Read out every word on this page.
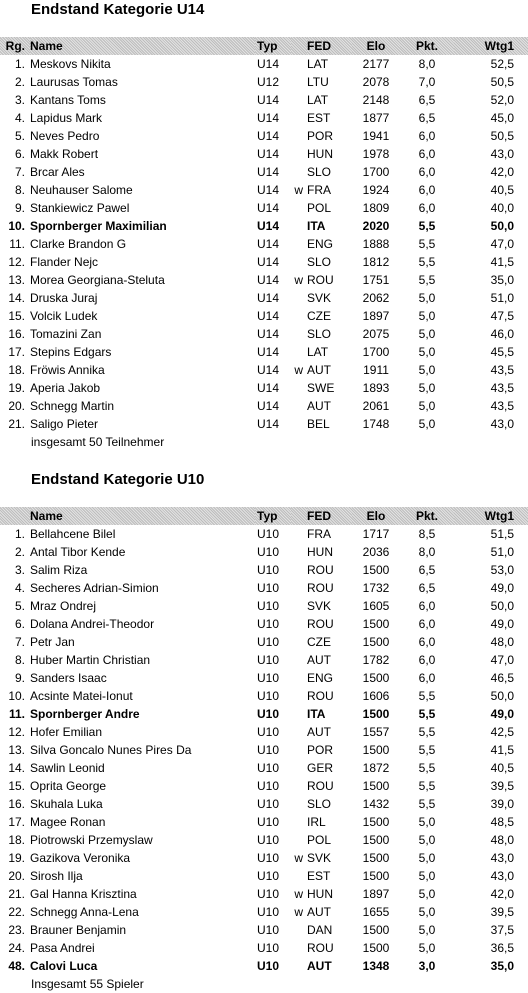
Endstand Kategorie U14
Rg.	Name	Typ		FED	Elo	Pkt.	Wtg1
1.	Meskovs Nikita	U14		LAT	2177	8,0	52,5
2.	Laurusas Tomas	U12		LTU	2078	7,0	50,5
3.	Kantans Toms	U14		LAT	2148	6,5	52,0
4.	Lapidus Mark	U14		EST	1877	6,5	45,0
5.	Neves Pedro	U14		POR	1941	6,0	50,5
6.	Makk Robert	U14		HUN	1978	6,0	43,0
7.	Brcar Ales	U14		SLO	1700	6,0	42,0
8.	Neuhauser Salome	U14	w	FRA	1924	6,0	40,5
9.	Stankiewicz Pawel	U14		POL	1809	6,0	40,0
10.	Spornberger Maximilian	U14		ITA	2020	5,5	50,0
11.	Clarke Brandon G	U14		ENG	1888	5,5	47,0
12.	Flander Nejc	U14		SLO	1812	5,5	41,5
13.	Morea Georgiana-Steluta	U14	w	ROU	1751	5,5	35,0
14.	Druska Juraj	U14		SVK	2062	5,0	51,0
15.	Volcik Ludek	U14		CZE	1897	5,0	47,5
16.	Tomazini Zan	U14		SLO	2075	5,0	46,0
17.	Stepins Edgars	U14		LAT	1700	5,0	45,5
18.	Fröwis Annika	U14	w	AUT	1911	5,0	43,5
19.	Aperia Jakob	U14		SWE	1893	5,0	43,5
20.	Schnegg Martin	U14		AUT	2061	5,0	43,5
21.	Saligo Pieter	U14		BEL	1748	5,0	43,0
insgesamt 50 Teilnehmer
Endstand Kategorie U10
	Name	Typ		FED	Elo	Pkt.	Wtg1
1.	Bellahcene Bilel	U10		FRA	1717	8,5	51,5
2.	Antal Tibor Kende	U10		HUN	2036	8,0	51,0
3.	Salim Riza	U10		ROU	1500	6,5	53,0
4.	Secheres Adrian-Simion	U10		ROU	1732	6,5	49,0
5.	Mraz Ondrej	U10		SVK	1605	6,0	50,0
6.	Dolana Andrei-Theodor	U10		ROU	1500	6,0	49,0
7.	Petr Jan	U10		CZE	1500	6,0	48,0
8.	Huber Martin Christian	U10		AUT	1782	6,0	47,0
9.	Sanders Isaac	U10		ENG	1500	6,0	46,5
10.	Acsinte Matei-Ionut	U10		ROU	1606	5,5	50,0
11.	Spornberger Andre	U10		ITA	1500	5,5	49,0
12.	Hofer Emilian	U10		AUT	1557	5,5	42,5
13.	Silva Goncalo Nunes Pires Da	U10		POR	1500	5,5	41,5
14.	Sawlin Leonid	U10		GER	1872	5,5	40,5
15.	Oprita George	U10		ROU	1500	5,5	39,5
16.	Skuhala Luka	U10		SLO	1432	5,5	39,0
17.	Magee Ronan	U10		IRL	1500	5,0	48,5
18.	Piotrowski Przemyslaw	U10		POL	1500	5,0	48,0
19.	Gazikova Veronika	U10	w	SVK	1500	5,0	43,0
20.	Sirosh Ilja	U10		EST	1500	5,0	43,0
21.	Gal Hanna Krisztina	U10	w	HUN	1897	5,0	42,0
22.	Schnegg Anna-Lena	U10	w	AUT	1655	5,0	39,5
23.	Brauner Benjamin	U10		DAN	1500	5,0	37,5
24.	Pasa Andrei	U10		ROU	1500	5,0	36,5
48.	Calovi Luca	U10		AUT	1348	3,0	35,0
Insgesamt 55 Spieler
